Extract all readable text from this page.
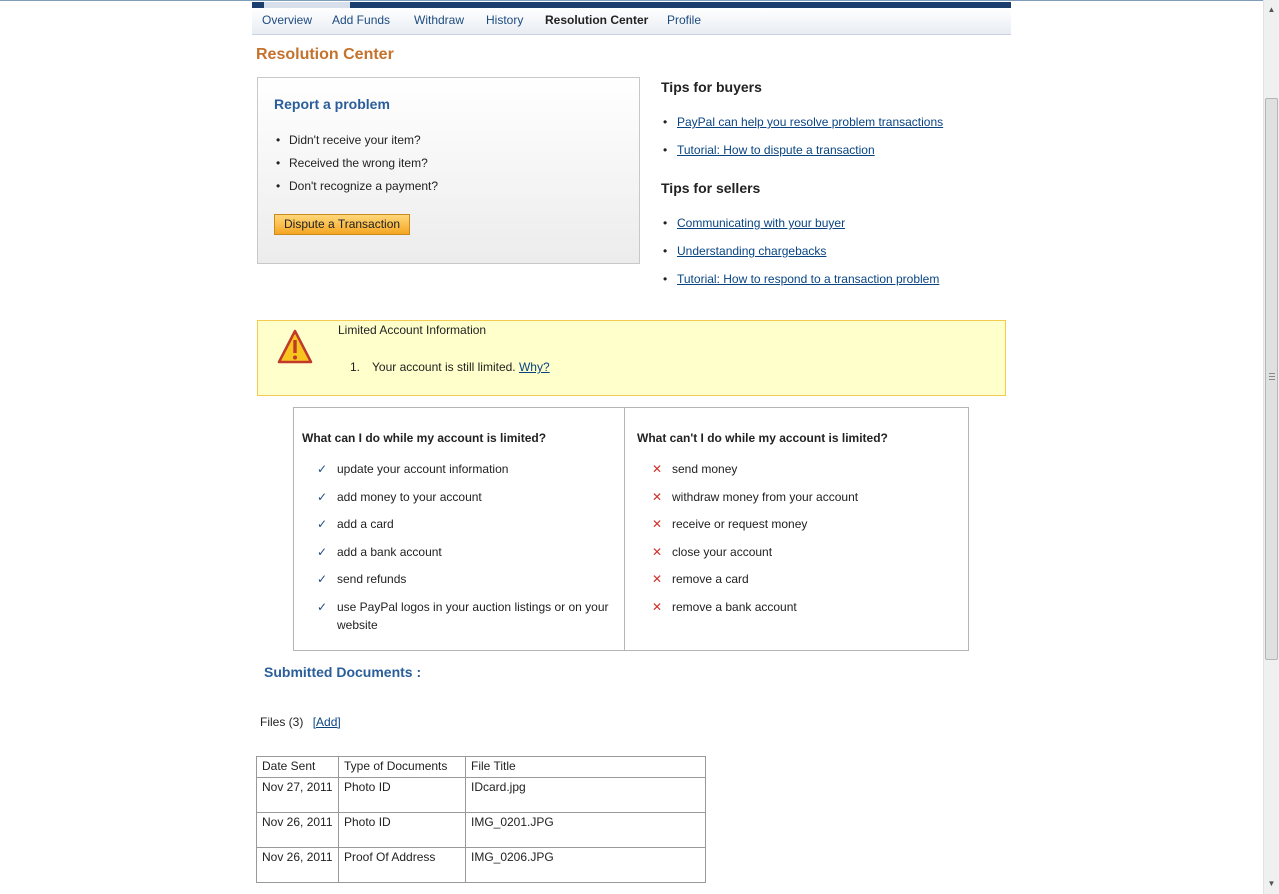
Overview Add Funds Withdraw History Resolution Center Profile
Resolution Center
Report a problem
• Didn't receive your item?
• Received the wrong item?
• Don't recognize a payment?
Dispute a Transaction
Tips for buyers
• PayPal can help you resolve problem transactions
• Tutorial: How to dispute a transaction
Tips for sellers
• Communicating with your buyer
• Understanding chargebacks
• Tutorial: How to respond to a transaction problem
Limited Account Information
1. Your account is still limited. Why?
What can I do while my account is limited?
✓ update your account information
✓ add money to your account
✓ add a card
✓ add a bank account
✓ send refunds
✓ use PayPal logos in your auction listings or on your website
What can't I do while my account is limited?
✕ send money
✕ withdraw money from your account
✕ receive or request money
✕ close your account
✕ remove a card
✕ remove a bank account
Submitted Documents :
Files (3) [Add]
Date Sent	Type of Documents	File Title
Nov 27, 2011	Photo ID	IDcard.jpg
Nov 26, 2011	Photo ID	IMG_0201.JPG
Nov 26, 2011	Proof Of Address	IMG_0206.JPG
▲
▼
